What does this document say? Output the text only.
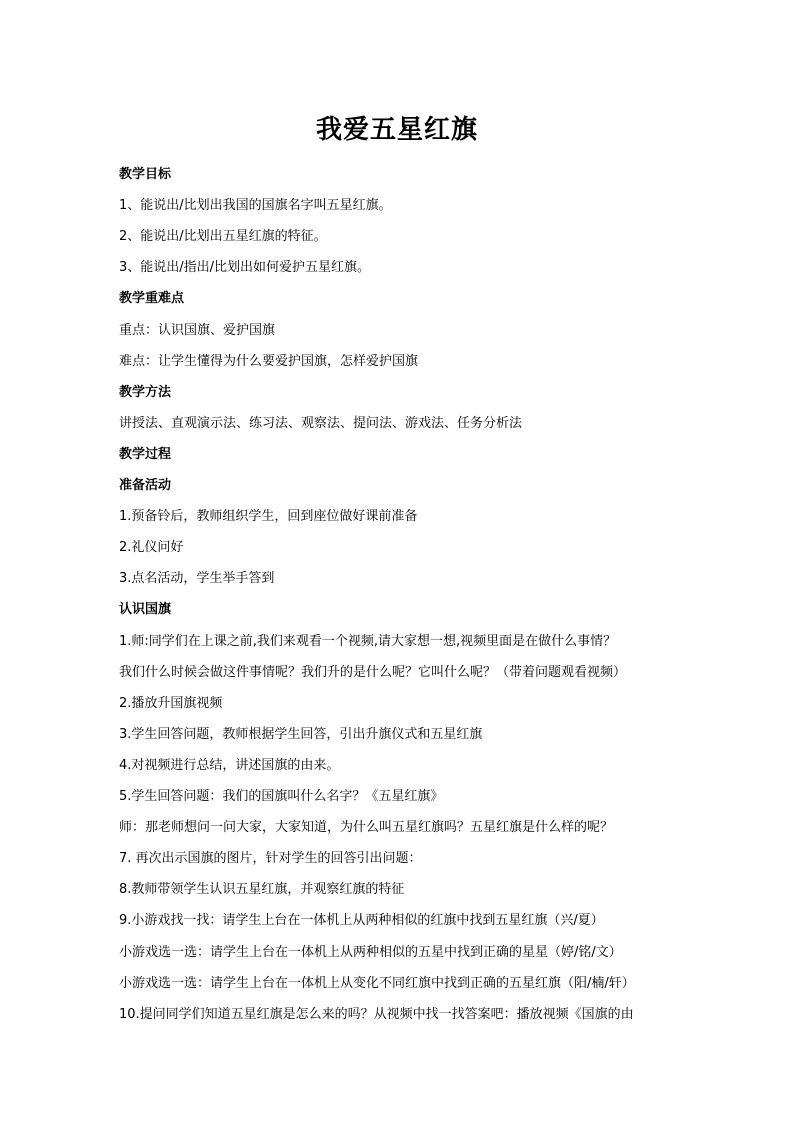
我爱五星红旗
教学目标
1、能说出/比划出我国的国旗名字叫五星红旗。
2、能说出/比划出五星红旗的特征。
3、能说出/指出/比划出如何爱护五星红旗。
教学重难点
重点：认识国旗、爱护国旗
难点：让学生懂得为什么要爱护国旗，怎样爱护国旗
教学方法
讲授法、直观演示法、练习法、观察法、提问法、游戏法、任务分析法
教学过程
准备活动
1.预备铃后，教师组织学生，回到座位做好课前准备
2.礼仪问好
3.点名活动，学生举手答到
认识国旗
1.师:同学们在上课之前,我们来观看一个视频,请大家想一想,视频里面是在做什么事情？
我们什么时候会做这件事情呢？我们升的是什么呢？它叫什么呢？（带着问题观看视频）
2.播放升国旗视频
3.学生回答问题，教师根据学生回答，引出升旗仪式和五星红旗
4.对视频进行总结，讲述国旗的由来。
5.学生回答问题：我们的国旗叫什么名字？《五星红旗》
师：那老师想问一问大家，大家知道，为什么叫五星红旗吗？五星红旗是什么样的呢？
7. 再次出示国旗的图片，针对学生的回答引出问题：
8.教师带领学生认识五星红旗，并观察红旗的特征
9.小游戏找一找：请学生上台在一体机上从两种相似的红旗中找到五星红旗（兴/夏）
小游戏选一选：请学生上台在一体机上从两种相似的五星中找到正确的星星（婷/铭/文）
小游戏选一选：请学生上台在一体机上从变化不同红旗中找到正确的五星红旗（阳/楠/轩）
10.提问同学们知道五星红旗是怎么来的吗？从视频中找一找答案吧：播放视频《国旗的由
